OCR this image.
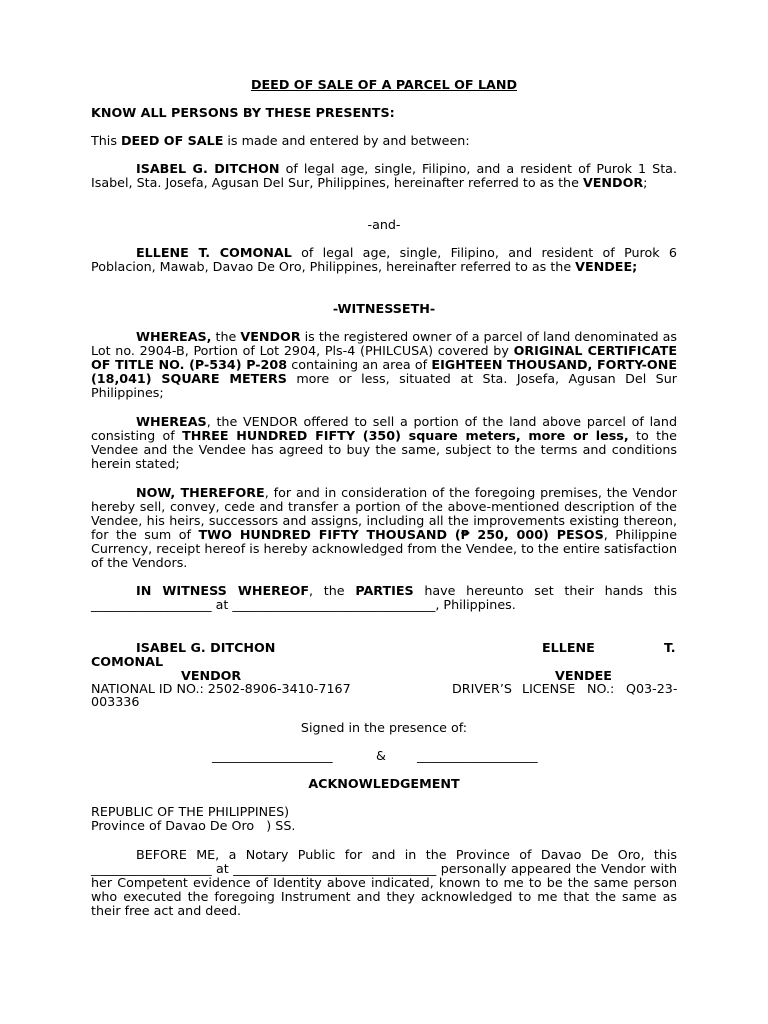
DEED OF SALE OF A PARCEL OF LAND
KNOW ALL PERSONS BY THESE PRESENTS:
This DEED OF SALE is made and entered by and between:
ISABEL G. DITCHON of legal age, single, Filipino, and a resident of Purok 1 Sta. Isabel, Sta. Josefa, Agusan Del Sur, Philippines, hereinafter referred to as the VENDOR;
-and-
ELLENE T. COMONAL of legal age, single, Filipino, and resident of Purok 6 Poblacion, Mawab, Davao De Oro, Philippines, hereinafter referred to as the VENDEE;
-WITNESSETH-
WHEREAS, the VENDOR is the registered owner of a parcel of land denominated as Lot no. 2904-B, Portion of Lot 2904, Pls-4 (PHILCUSA) covered by ORIGINAL CERTIFICATE OF TITLE NO. (P-534) P-208 containing an area of EIGHTEEN THOUSAND, FORTY-ONE (18,041) SQUARE METERS more or less, situated at Sta. Josefa, Agusan Del Sur Philippines;
WHEREAS, the VENDOR offered to sell a portion of the land above parcel of land consisting of THREE HUNDRED FIFTY (350) square meters, more or less, to the Vendee and the Vendee has agreed to buy the same, subject to the terms and conditions herein stated;
NOW, THEREFORE, for and in consideration of the foregoing premises, the Vendor hereby sell, convey, cede and transfer a portion of the above-mentioned description of the Vendee, his heirs, successors and assigns, including all the improvements existing thereon, for the sum of TWO HUNDRED FIFTY THOUSAND (₱ 250, 000) PESOS, Philippine Currency, receipt hereof is hereby acknowledged from the Vendee, to the entire satisfaction of the Vendors.
IN WITNESS WHEREOF, the PARTIES have hereunto set their hands this ___________________ at ________________________________, Philippines.
ISABEL G. DITCHON	ELLENE	T.
COMONAL
VENDOR	VENDEE
NATIONAL ID NO.: 2502-8906-3410-7167	DRIVER’S LICENSE NO.: Q03-23-
003336
Signed in the presence of:
___________________	& ___________________
ACKNOWLEDGEMENT
REPUBLIC OF THE PHILIPPINES)
Province of Davao De Oro   ) SS.
BEFORE ME, a Notary Public for and in the Province of Davao De Oro, this ___________________ at ________________________________ personally appeared the Vendor with her Competent evidence of Identity above indicated, known to me to be the same person who executed the foregoing Instrument and they acknowledged to me that the same as their free act and deed.
